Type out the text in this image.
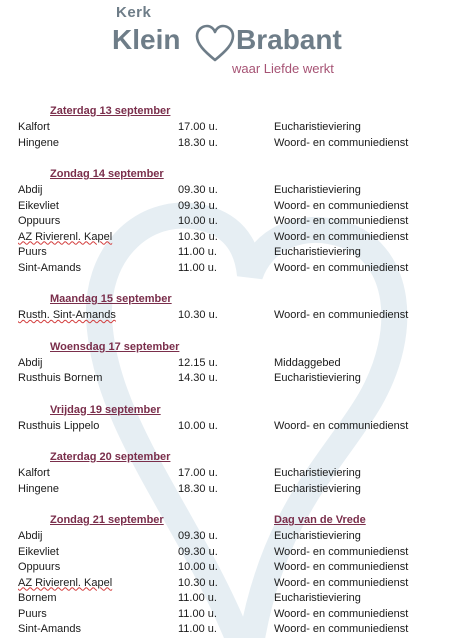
Kerk
Klein Brabant
waar Liefde werkt
Zaterdag 13 september
Kalfort	17.00 u.	Eucharistieviering
Hingene	18.30 u.	Woord- en communiedienst
Zondag 14 september
Abdij	09.30 u.	Eucharistieviering
Eikevliet	09.30 u.	Woord- en communiedienst
Oppuurs	10.00 u.	Woord- en communiedienst
AZ Rivierenl. Kapel	10.30 u.	Woord- en communiedienst
Puurs	11.00 u.	Eucharistieviering
Sint-Amands	11.00 u.	Woord- en communiedienst
Maandag 15 september
Rusth. Sint-Amands	10.30 u.	Woord- en communiedienst
Woensdag 17 september
Abdij	12.15 u.	Middaggebed
Rusthuis Bornem	14.30 u.	Eucharistieviering
Vrijdag 19 september
Rusthuis Lippelo	10.00 u.	Woord- en communiedienst
Zaterdag 20 september
Kalfort	17.00 u.	Eucharistieviering
Hingene	18.30 u.	Eucharistieviering
Zondag 21 september	Dag van de Vrede
Abdij	09.30 u.	Eucharistieviering
Eikevliet	09.30 u.	Woord- en communiedienst
Oppuurs	10.00 u.	Woord- en communiedienst
AZ Rivierenl. Kapel	10.30 u.	Woord- en communiedienst
Bornem	11.00 u.	Eucharistieviering
Puurs	11.00 u.	Woord- en communiedienst
Sint-Amands	11.00 u.	Woord- en communiedienst
